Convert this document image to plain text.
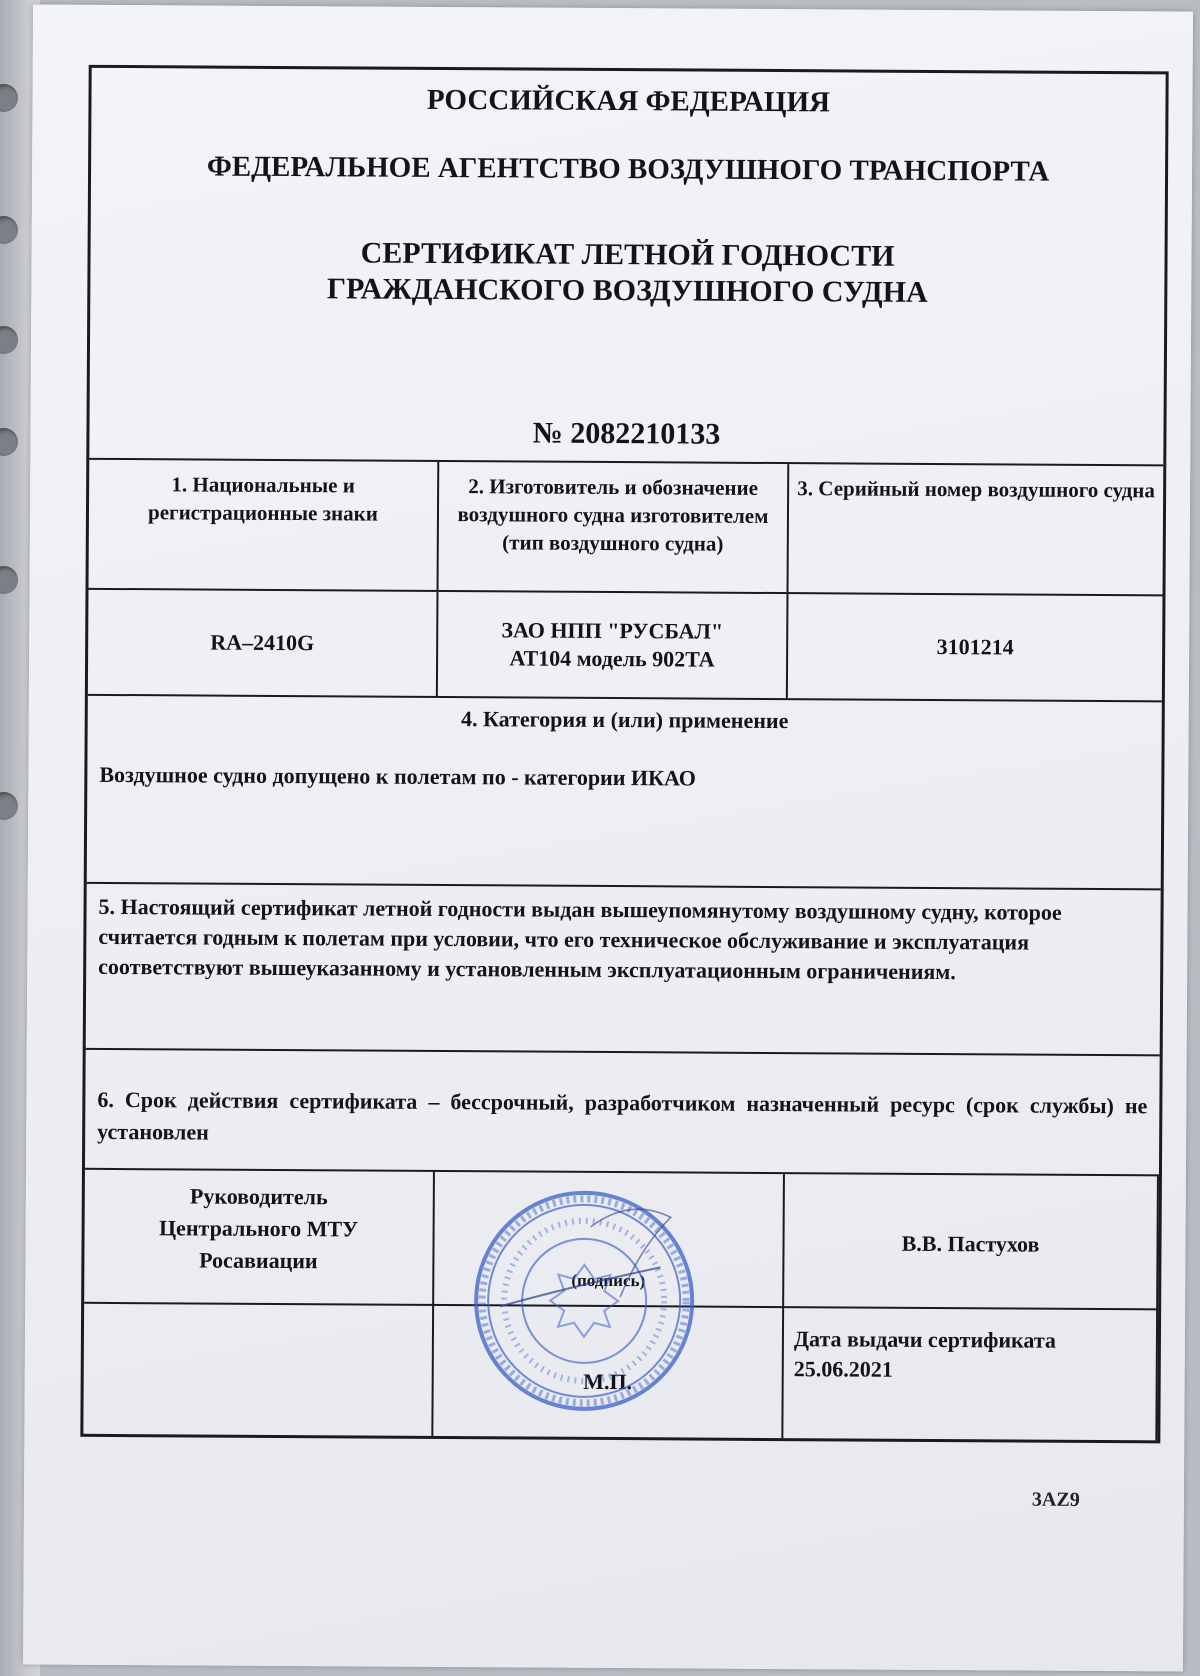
РОССИЙСКАЯ ФЕДЕРАЦИЯ
ФЕДЕРАЛЬНОЕ АГЕНТСТВО ВОЗДУШНОГО ТРАНСПОРТА
СЕРТИФИКАТ ЛЕТНОЙ ГОДНОСТИ
ГРАЖДАНСКОГО ВОЗДУШНОГО СУДНА
№ 2082210133
1. Национальные и регистрационные знаки
2. Изготовитель и обозначение воздушного судна изготовителем (тип воздушного судна)
3. Серийный номер воздушного судна
RA–2410G	ЗАО НПП "РУСБАЛ"
АТ104 модель 902ТА	3101214
4. Категория и (или) применение
Воздушное судно допущено к полетам по - категории ИКАО
5. Настоящий сертификат летной годности выдан вышеупомянутому воздушному судну, которое считается годным к полетам при условии, что его техническое обслуживание и эксплуатация соответствуют вышеуказанному и установленным эксплуатационным ограничениям.
6. Срок действия сертификата – бессрочный, разработчиком назначенный ресурс (срок службы) не установлен
Руководитель
Центрального МТУ
Росавиации
(подпись)
М.П.
В.В. Пастухов
Дата выдачи сертификата
25.06.2021
3AZ9
